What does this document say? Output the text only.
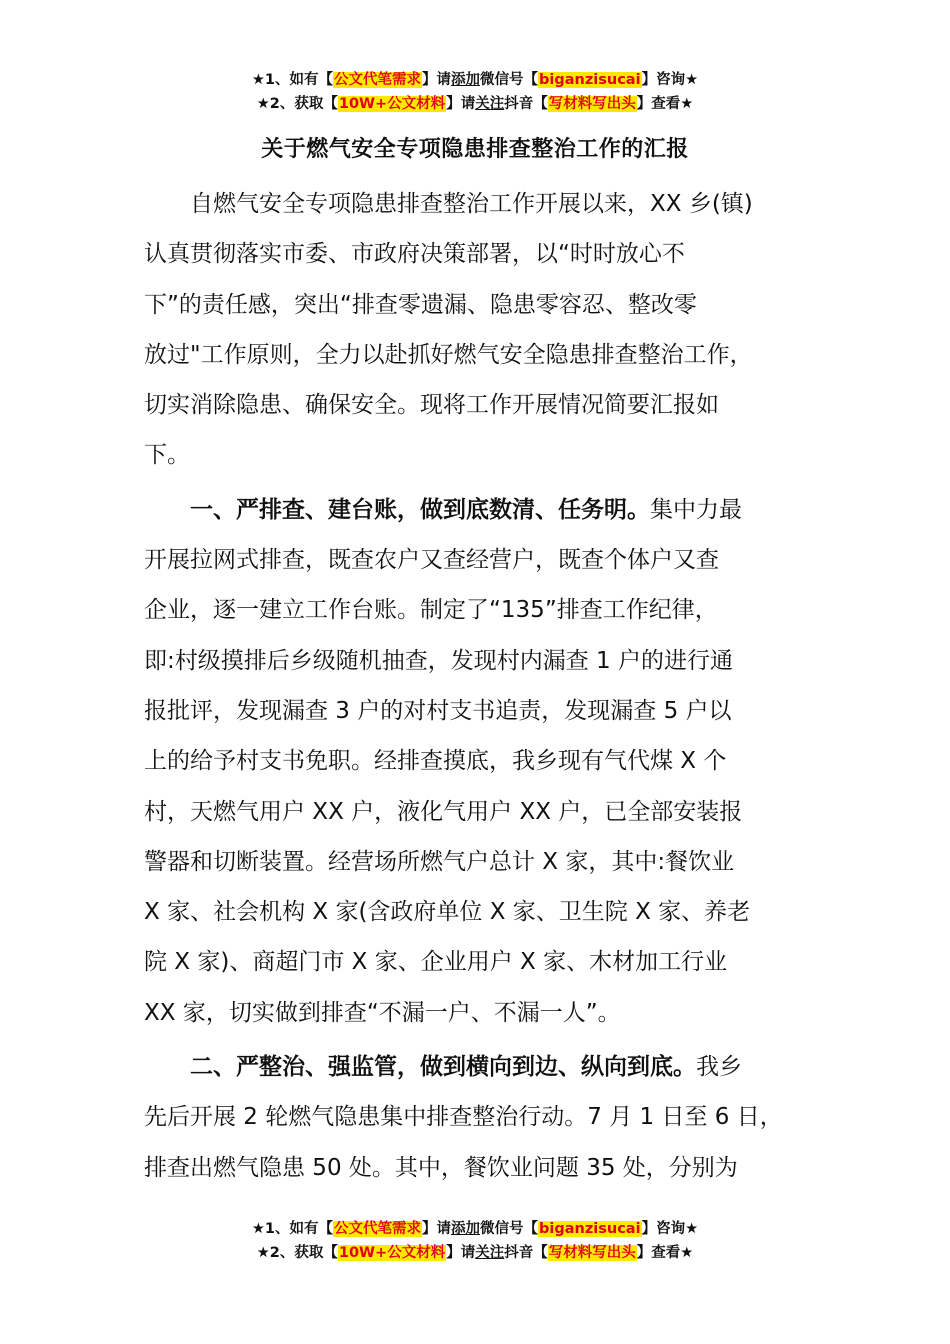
★1、如有【公文代笔需求】请添加微信号【biganzisucai】咨询★
★2、获取【10W+公文材料】请关注抖音【写材料写出头】查看★
关于燃气安全专项隐患排查整治工作的汇报

自燃气安全专项隐患排查整治工作开展以来，XX 乡(镇)
认真贯彻落实市委、市政府决策部署，以“时时放心不
下”的责任感，突出“排查零遗漏、隐患零容忍、整改零
放过"工作原则，全力以赴抓好燃气安全隐患排查整治工作，
切实消除隐患、确保安全。现将工作开展情况简要汇报如
下。

一、严排查、建台账，做到底数清、任务明。集中力最
开展拉网式排查，既查农户又查经营户，既查个体户又查
企业，逐一建立工作台账。制定了“135”排查工作纪律，
即:村级摸排后乡级随机抽查，发现村内漏查 1 户的进行通
报批评，发现漏查 3 户的对村支书追责，发现漏查 5 户以
上的给予村支书免职。经排查摸底，我乡现有气代煤 X 个
村，天燃气用户 XX 户，液化气用户 XX 户，已全部安装报
警器和切断装置。经营场所燃气户总计 X 家，其中:餐饮业
X 家、社会机构 X 家(含政府单位 X 家、卫生院 X 家、养老
院 X 家)、商超门市 X 家、企业用户 X 家、木材加工行业
XX 家，切实做到排查“不漏一户、不漏一人”。

二、严整治、强监管，做到横向到边、纵向到底。我乡
先后开展 2 轮燃气隐患集中排查整治行动。7 月 1 日至 6 日，
排查出燃气隐患 50 处。其中，餐饮业问题 35 处，分别为

★1、如有【公文代笔需求】请添加微信号【biganzisucai】咨询★
★2、获取【10W+公文材料】请关注抖音【写材料写出头】查看★
